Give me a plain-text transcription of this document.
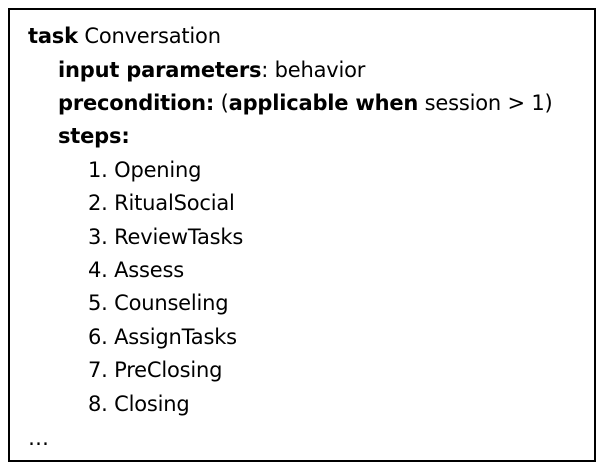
task Conversation
input parameters: behavior
precondition: (applicable when session > 1)
steps:
1. Opening
2. RitualSocial
3. ReviewTasks
4. Assess
5. Counseling
6. AssignTasks
7. PreClosing
8. Closing
…
